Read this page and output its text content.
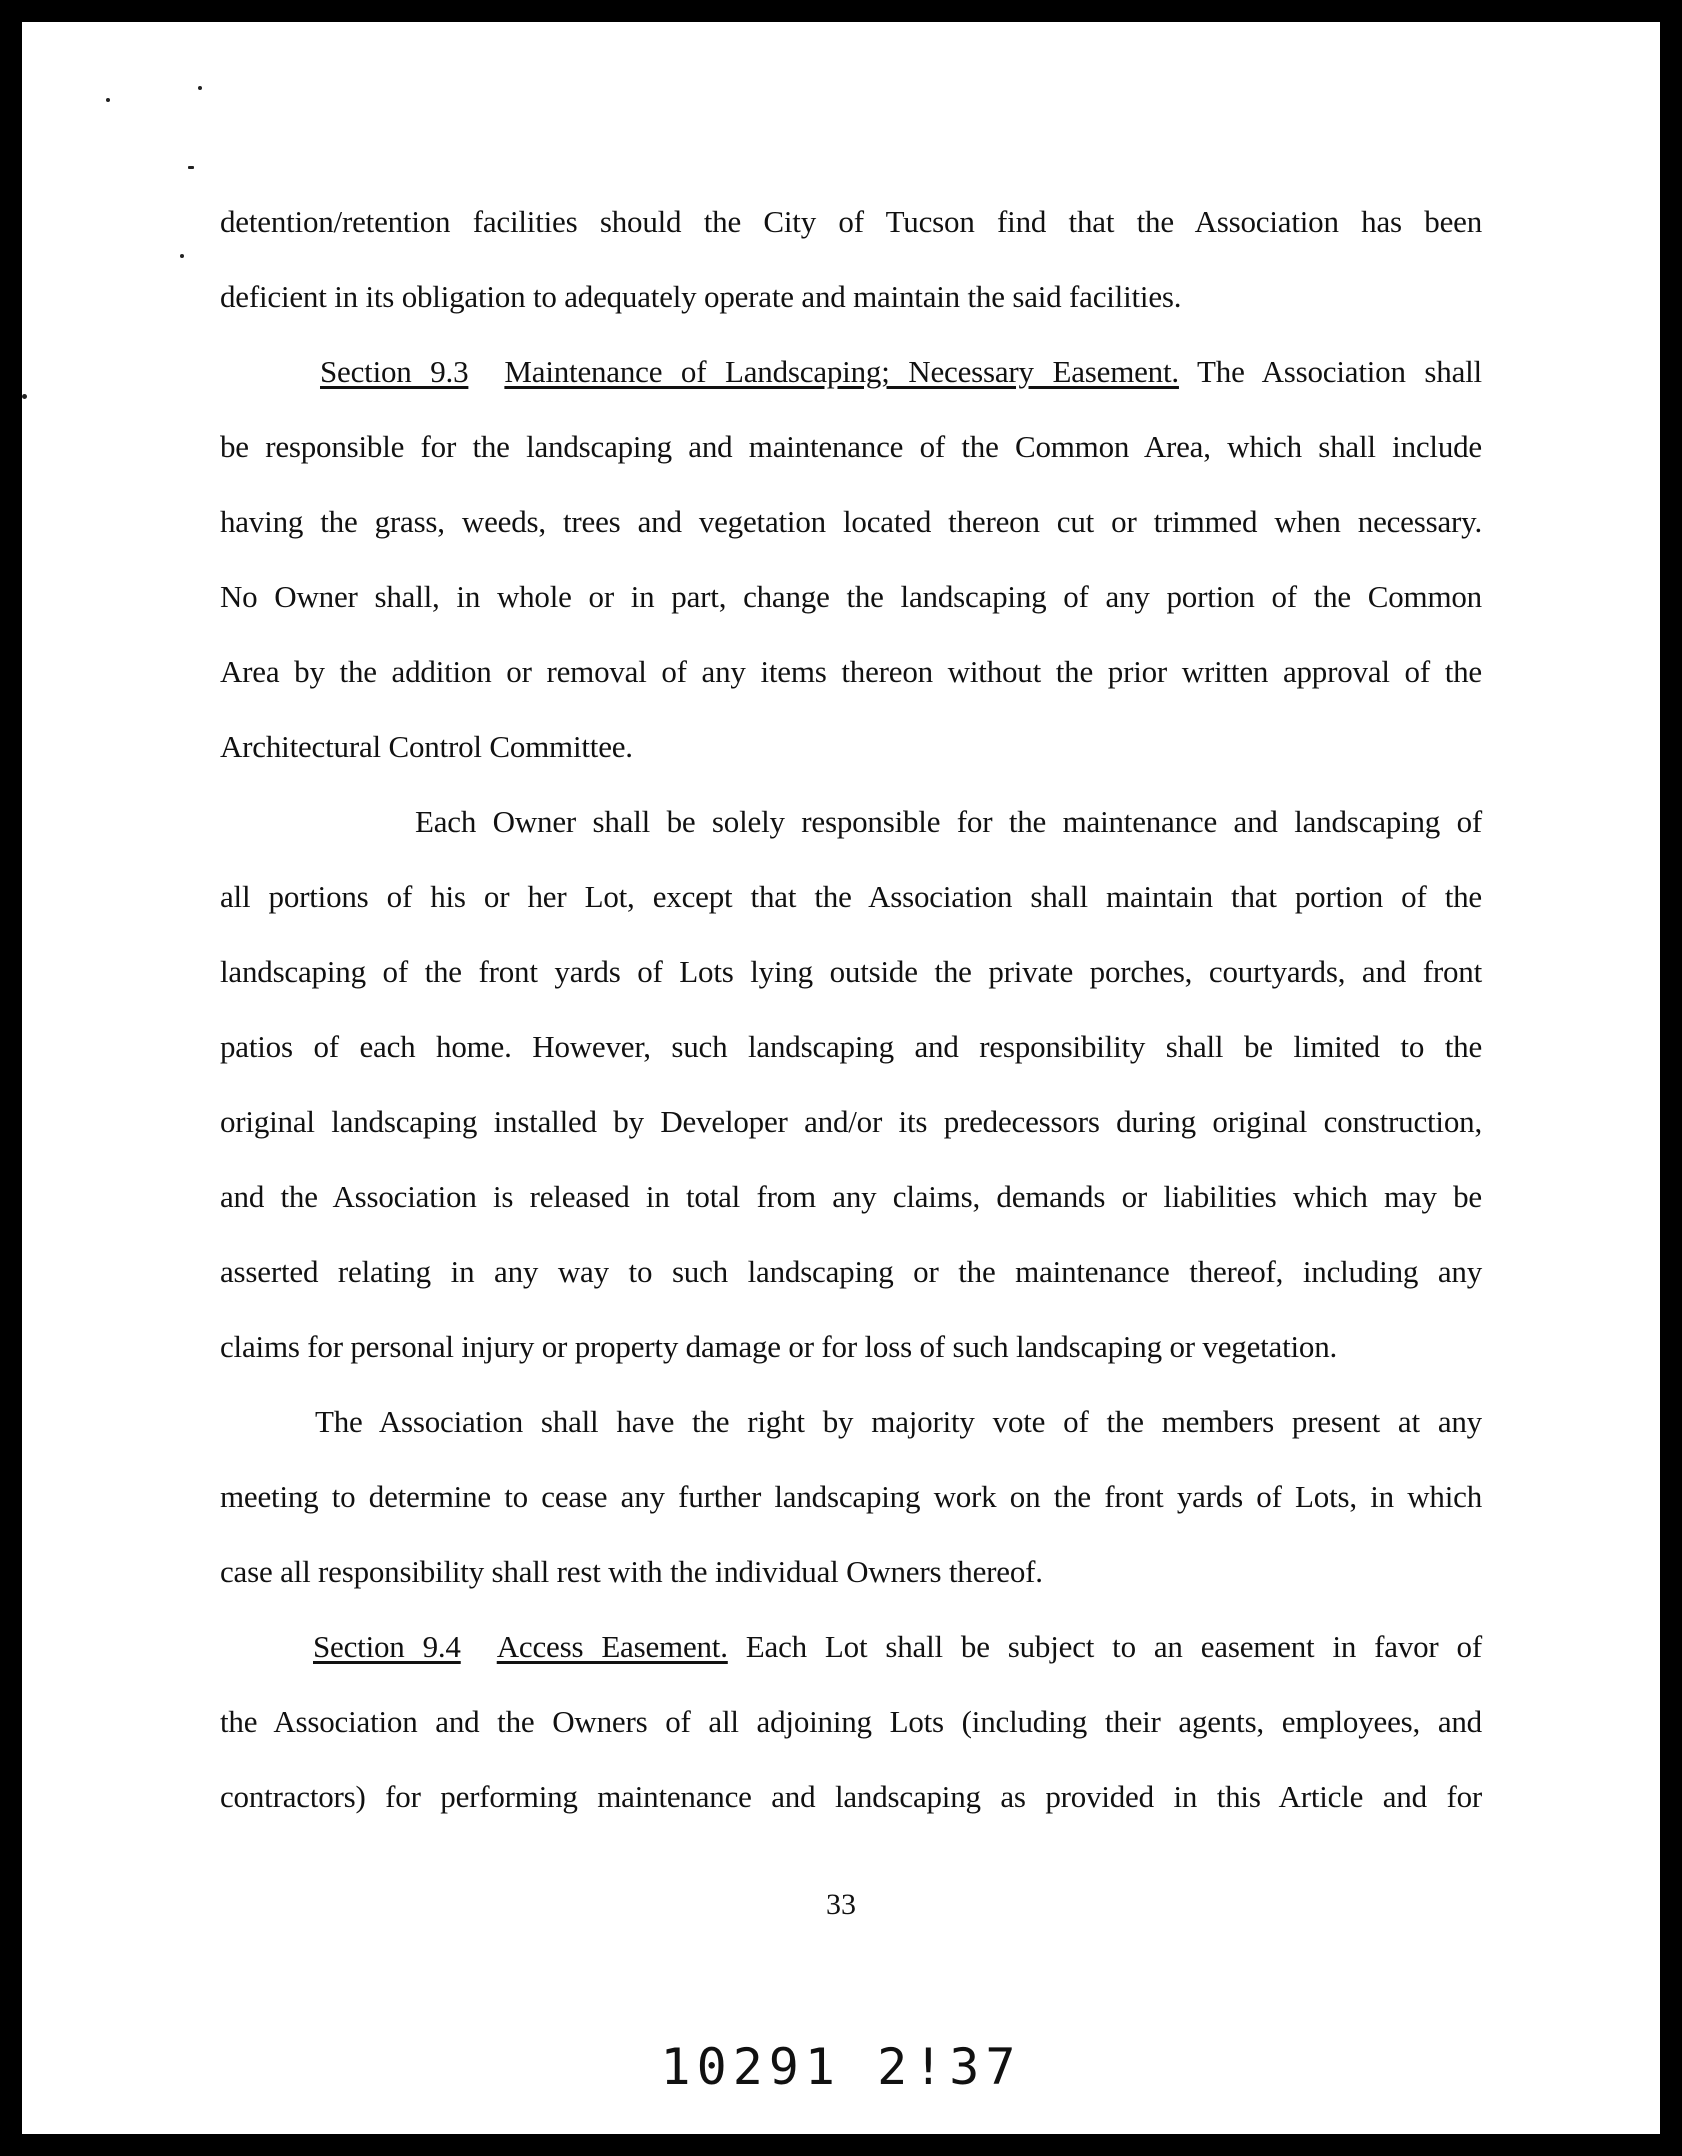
detention/retention facilities should the City of Tucson find that the Association has been
deficient in its obligation to adequately operate and maintain the said facilities.
Section 9.3 Maintenance of Landscaping; Necessary Easement. The Association shall
be responsible for the landscaping and maintenance of the Common Area, which shall include
having the grass, weeds, trees and vegetation located thereon cut or trimmed when necessary.
No Owner shall, in whole or in part, change the landscaping of any portion of the Common
Area by the addition or removal of any items thereon without the prior written approval of the
Architectural Control Committee.
Each Owner shall be solely responsible for the maintenance and landscaping of
all portions of his or her Lot, except that the Association shall maintain that portion of the
landscaping of the front yards of Lots lying outside the private porches, courtyards, and front
patios of each home. However, such landscaping and responsibility shall be limited to the
original landscaping installed by Developer and/or its predecessors during original construction,
and the Association is released in total from any claims, demands or liabilities which may be
asserted relating in any way to such landscaping or the maintenance thereof, including any
claims for personal injury or property damage or for loss of such landscaping or vegetation.
The Association shall have the right by majority vote of the members present at any
meeting to determine to cease any further landscaping work on the front yards of Lots, in which
case all responsibility shall rest with the individual Owners thereof.
Section 9.4 Access Easement. Each Lot shall be subject to an easement in favor of
the Association and the Owners of all adjoining Lots (including their agents, employees, and
contractors) for performing maintenance and landscaping as provided in this Article and for
33
10291 2!37
